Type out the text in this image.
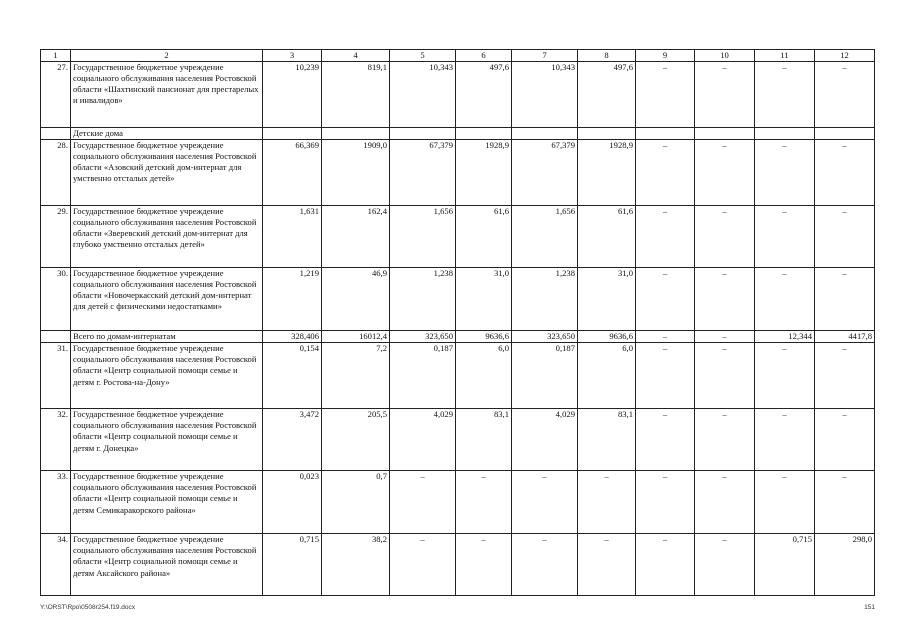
1	2	3	4	5	6	7	8	9	10	11	12
27.	Государственное бюджетное учреждение социального обслуживания населения Ростовской области «Шахтинский пансионат для престарелых и инвалидов»	10,239	819,1	10,343	497,6	10,343	497,6	–	–	–	–
	Детские дома										
28.	Государственное бюджетное учреждение социального обслуживания населения Ростовской области «Азовский детский дом-интернат для умственно отсталых детей»	66,369	1909,0	67,379	1928,9	67,379	1928,9	–	–	–	–
29.	Государственное бюджетное учреждение социального обслуживания населения Ростовской области «Зверевский детский дом-интернат для глубоко умственно отсталых детей»	1,631	162,4	1,656	61,6	1,656	61,6	–	–	–	–
30.	Государственное бюджетное учреждение социального обслуживания населения Ростовской области «Новочеркасский детский дом-интернат для детей с физическими недостатками»	1,219	46,9	1,238	31,0	1,238	31,0	–	–	–	–
	Всего по домам-интернатам	328,406	16012,4	323,650	9636,6	323,650	9636,6	–	–	12,344	4417,8
31.	Государственное бюджетное учреждение социального обслуживания населения Ростовской области «Центр социальной помощи семье и детям г. Ростова-на-Дону»	0,154	7,2	0,187	6,0	0,187	6,0	–	–	–	–
32.	Государственное бюджетное учреждение социального обслуживания населения Ростовской области «Центр социальной помощи семье и детям г. Донецка»	3,472	205,5	4,029	83,1	4,029	83,1	–	–	–	–
33.	Государственное бюджетное учреждение социального обслуживания населения Ростовской области «Центр социальной помощи семье и детям Семикаракорского района»	0,023	0,7	–	–	–	–	–	–	–	–
34.	Государственное бюджетное учреждение социального обслуживания населения Ростовской области «Центр социальной помощи семье и детям Аксайского района»	0,715	38,2	–	–	–	–	–	–	0,715	298,0
Y:\ORST\Rpo\0508r254.f19.docx	151
